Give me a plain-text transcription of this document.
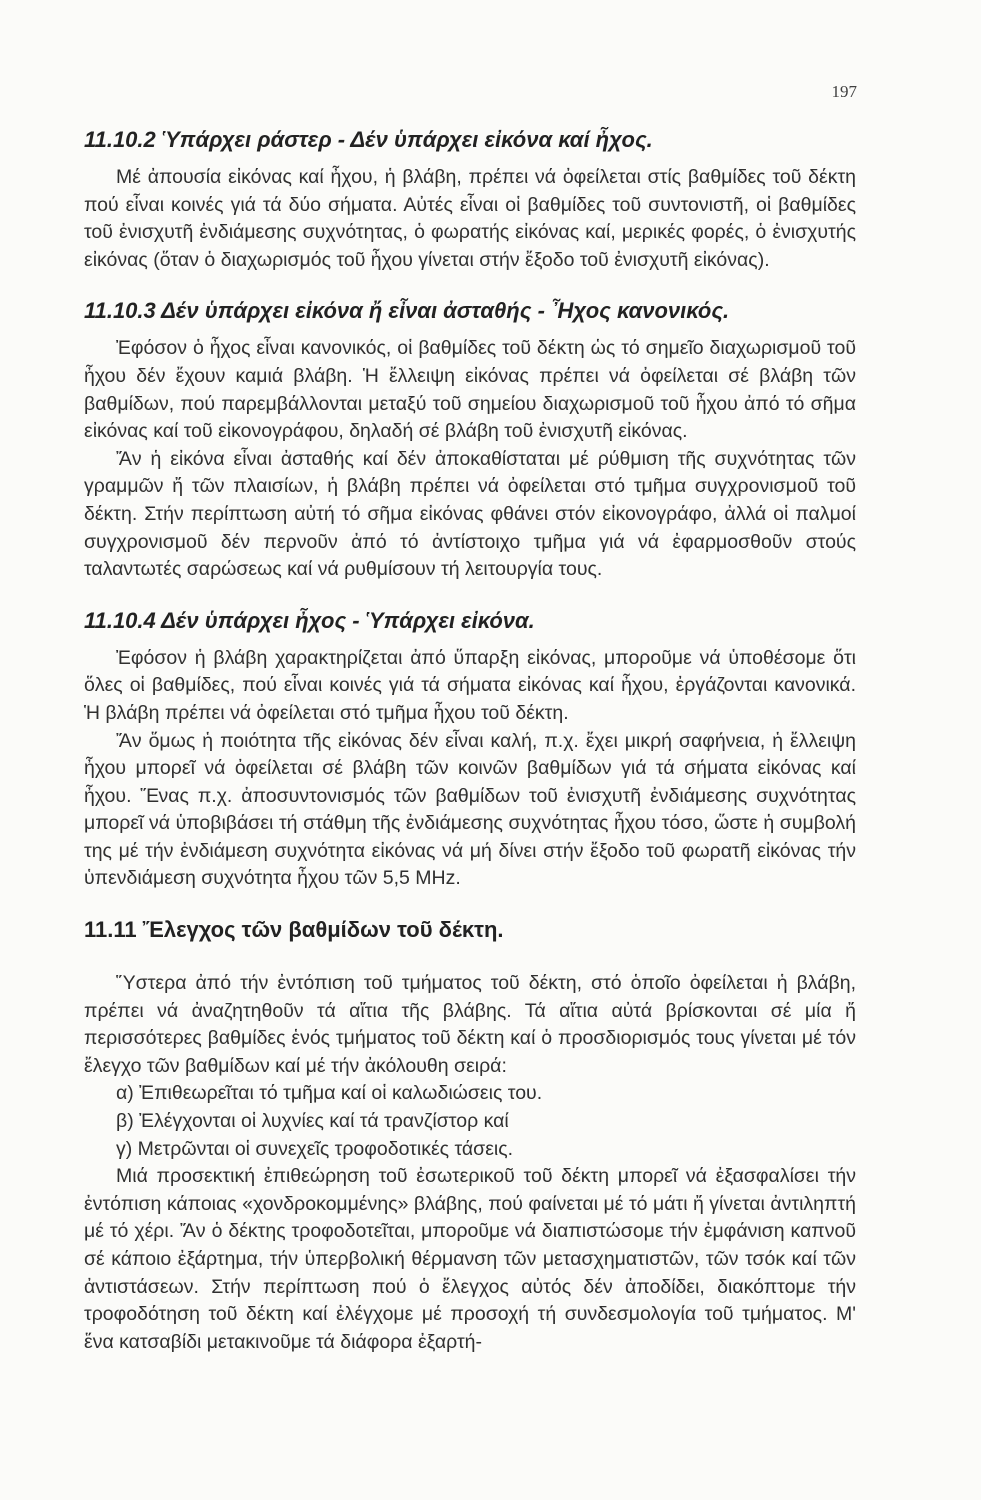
197
11.10.2 Ὑπάρχει ράστερ - Δέν ὑπάρχει εἰκόνα καί ἦχος.

Μέ ἀπουσία εἰκόνας καί ἦχου, ἡ βλάβη, πρέπει νά ὀφείλεται στίς βαθμίδες τοῦ δέκτη πού εἶναι κοινές γιά τά δύο σήματα. Αὐτές εἶναι οἱ βαθμίδες τοῦ συντονιστῆ, οἱ βαθμίδες τοῦ ἐνισχυτῆ ἐνδιάμεσης συχνότητας, ὁ φωρατής εἰκόνας καί, μερικές φορές, ὁ ἐνισχυτής εἰκόνας (ὅταν ὁ διαχωρισμός τοῦ ἦχου γίνεται στήν ἔξοδο τοῦ ἐνισχυτῆ εἰκόνας).

11.10.3 Δέν ὑπάρχει εἰκόνα ἤ εἶναι ἀσταθής - Ἦχος κανονικός.

Ἐφόσον ὁ ἦχος εἶναι κανονικός, οἱ βαθμίδες τοῦ δέκτη ὡς τό σημεῖο διαχωρισμοῦ τοῦ ἦχου δέν ἔχουν καμιά βλάβη. Ἡ ἔλλειψη εἰκόνας πρέπει νά ὀφείλεται σέ βλάβη τῶν βαθμίδων, πού παρεμβάλλονται μεταξύ τοῦ σημείου διαχωρισμοῦ τοῦ ἦχου ἀπό τό σῆμα εἰκόνας καί τοῦ εἰκονογράφου, δηλαδή σέ βλάβη τοῦ ἐνισχυτῆ εἰκόνας.

Ἄν ἡ εἰκόνα εἶναι ἀσταθής καί δέν ἀποκαθίσταται μέ ρύθμιση τῆς συχνότητας τῶν γραμμῶν ἤ τῶν πλαισίων, ἡ βλάβη πρέπει νά ὀφείλεται στό τμῆμα συγχρονισμοῦ τοῦ δέκτη. Στήν περίπτωση αὐτή τό σῆμα εἰκόνας φθάνει στόν εἰκονογράφο, ἀλλά οἱ παλμοί συγχρονισμοῦ δέν περνοῦν ἀπό τό ἀντίστοιχο τμῆμα γιά νά ἐφαρμοσθοῦν στούς ταλαντωτές σαρώσεως καί νά ρυθμίσουν τή λειτουργία τους.

11.10.4 Δέν ὑπάρχει ἦχος - Ὑπάρχει εἰκόνα.

Ἐφόσον ἡ βλάβη χαρακτηρίζεται ἀπό ὕπαρξη εἰκόνας, μποροῦμε νά ὑποθέσομε ὅτι ὅλες οἱ βαθμίδες, πού εἶναι κοινές γιά τά σήματα εἰκόνας καί ἦχου, ἐργάζονται κανονικά. Ἡ βλάβη πρέπει νά ὀφείλεται στό τμῆμα ἦχου τοῦ δέκτη.

Ἄν ὅμως ἡ ποιότητα τῆς εἰκόνας δέν εἶναι καλή, π.χ. ἔχει μικρή σαφήνεια, ἡ ἔλλειψη ἦχου μπορεῖ νά ὀφείλεται σέ βλάβη τῶν κοινῶν βαθμίδων γιά τά σήματα εἰκόνας καί ἦχου. Ἕνας π.χ. ἀποσυντονισμός τῶν βαθμίδων τοῦ ἐνισχυτῆ ἐνδιάμεσης συχνότητας μπορεῖ νά ὑποβιβάσει τή στάθμη τῆς ἐνδιάμεσης συχνότητας ἦχου τόσο, ὥστε ἡ συμβολή της μέ τήν ἐνδιάμεση συχνότητα εἰκόνας νά μή δίνει στήν ἔξοδο τοῦ φωρατῆ εἰκόνας τήν ὑπενδιάμεση συχνότητα ἦχου τῶν 5,5 MHz.

11.11 Ἔλεγχος τῶν βαθμίδων τοῦ δέκτη.

Ὕστερα ἀπό τήν ἐντόπιση τοῦ τμήματος τοῦ δέκτη, στό ὁποῖο ὀφείλεται ἡ βλάβη, πρέπει νά ἀναζητηθοῦν τά αἴτια τῆς βλάβης. Τά αἴτια αὐτά βρίσκονται σέ μία ἤ περισσότερες βαθμίδες ἑνός τμήματος τοῦ δέκτη καί ὁ προσδιορισμός τους γίνεται μέ τόν ἔλεγχο τῶν βαθμίδων καί μέ τήν ἀκόλουθη σειρά:

α) Ἐπιθεωρεῖται τό τμῆμα καί οἱ καλωδιώσεις του.

β) Ἐλέγχονται οἱ λυχνίες καί τά τρανζίστορ καί

γ) Μετρῶνται οἱ συνεχεῖς τροφοδοτικές τάσεις.

Μιά προσεκτική ἐπιθεώρηση τοῦ ἐσωτερικοῦ τοῦ δέκτη μπορεῖ νά ἐξασφαλίσει τήν ἐντόπιση κάποιας «χονδροκομμένης» βλάβης, πού φαίνεται μέ τό μάτι ἤ γίνεται ἀντιληπτή μέ τό χέρι. Ἄν ὁ δέκτης τροφοδοτεῖται, μποροῦμε νά διαπιστώσομε τήν ἐμφάνιση καπνοῦ σέ κάποιο ἐξάρτημα, τήν ὑπερβολική θέρμανση τῶν μετασχηματιστῶν, τῶν τσόκ καί τῶν ἀντιστάσεων. Στήν περίπτωση πού ὁ ἔλεγχος αὐτός δέν ἀποδίδει, διακόπτομε τήν τροφοδότηση τοῦ δέκτη καί ἐλέγχομε μέ προσοχή τή συνδεσμολογία τοῦ τμήματος. Μ' ἕνα κατσαβίδι μετακινοῦμε τά διάφορα ἐξαρτή-
